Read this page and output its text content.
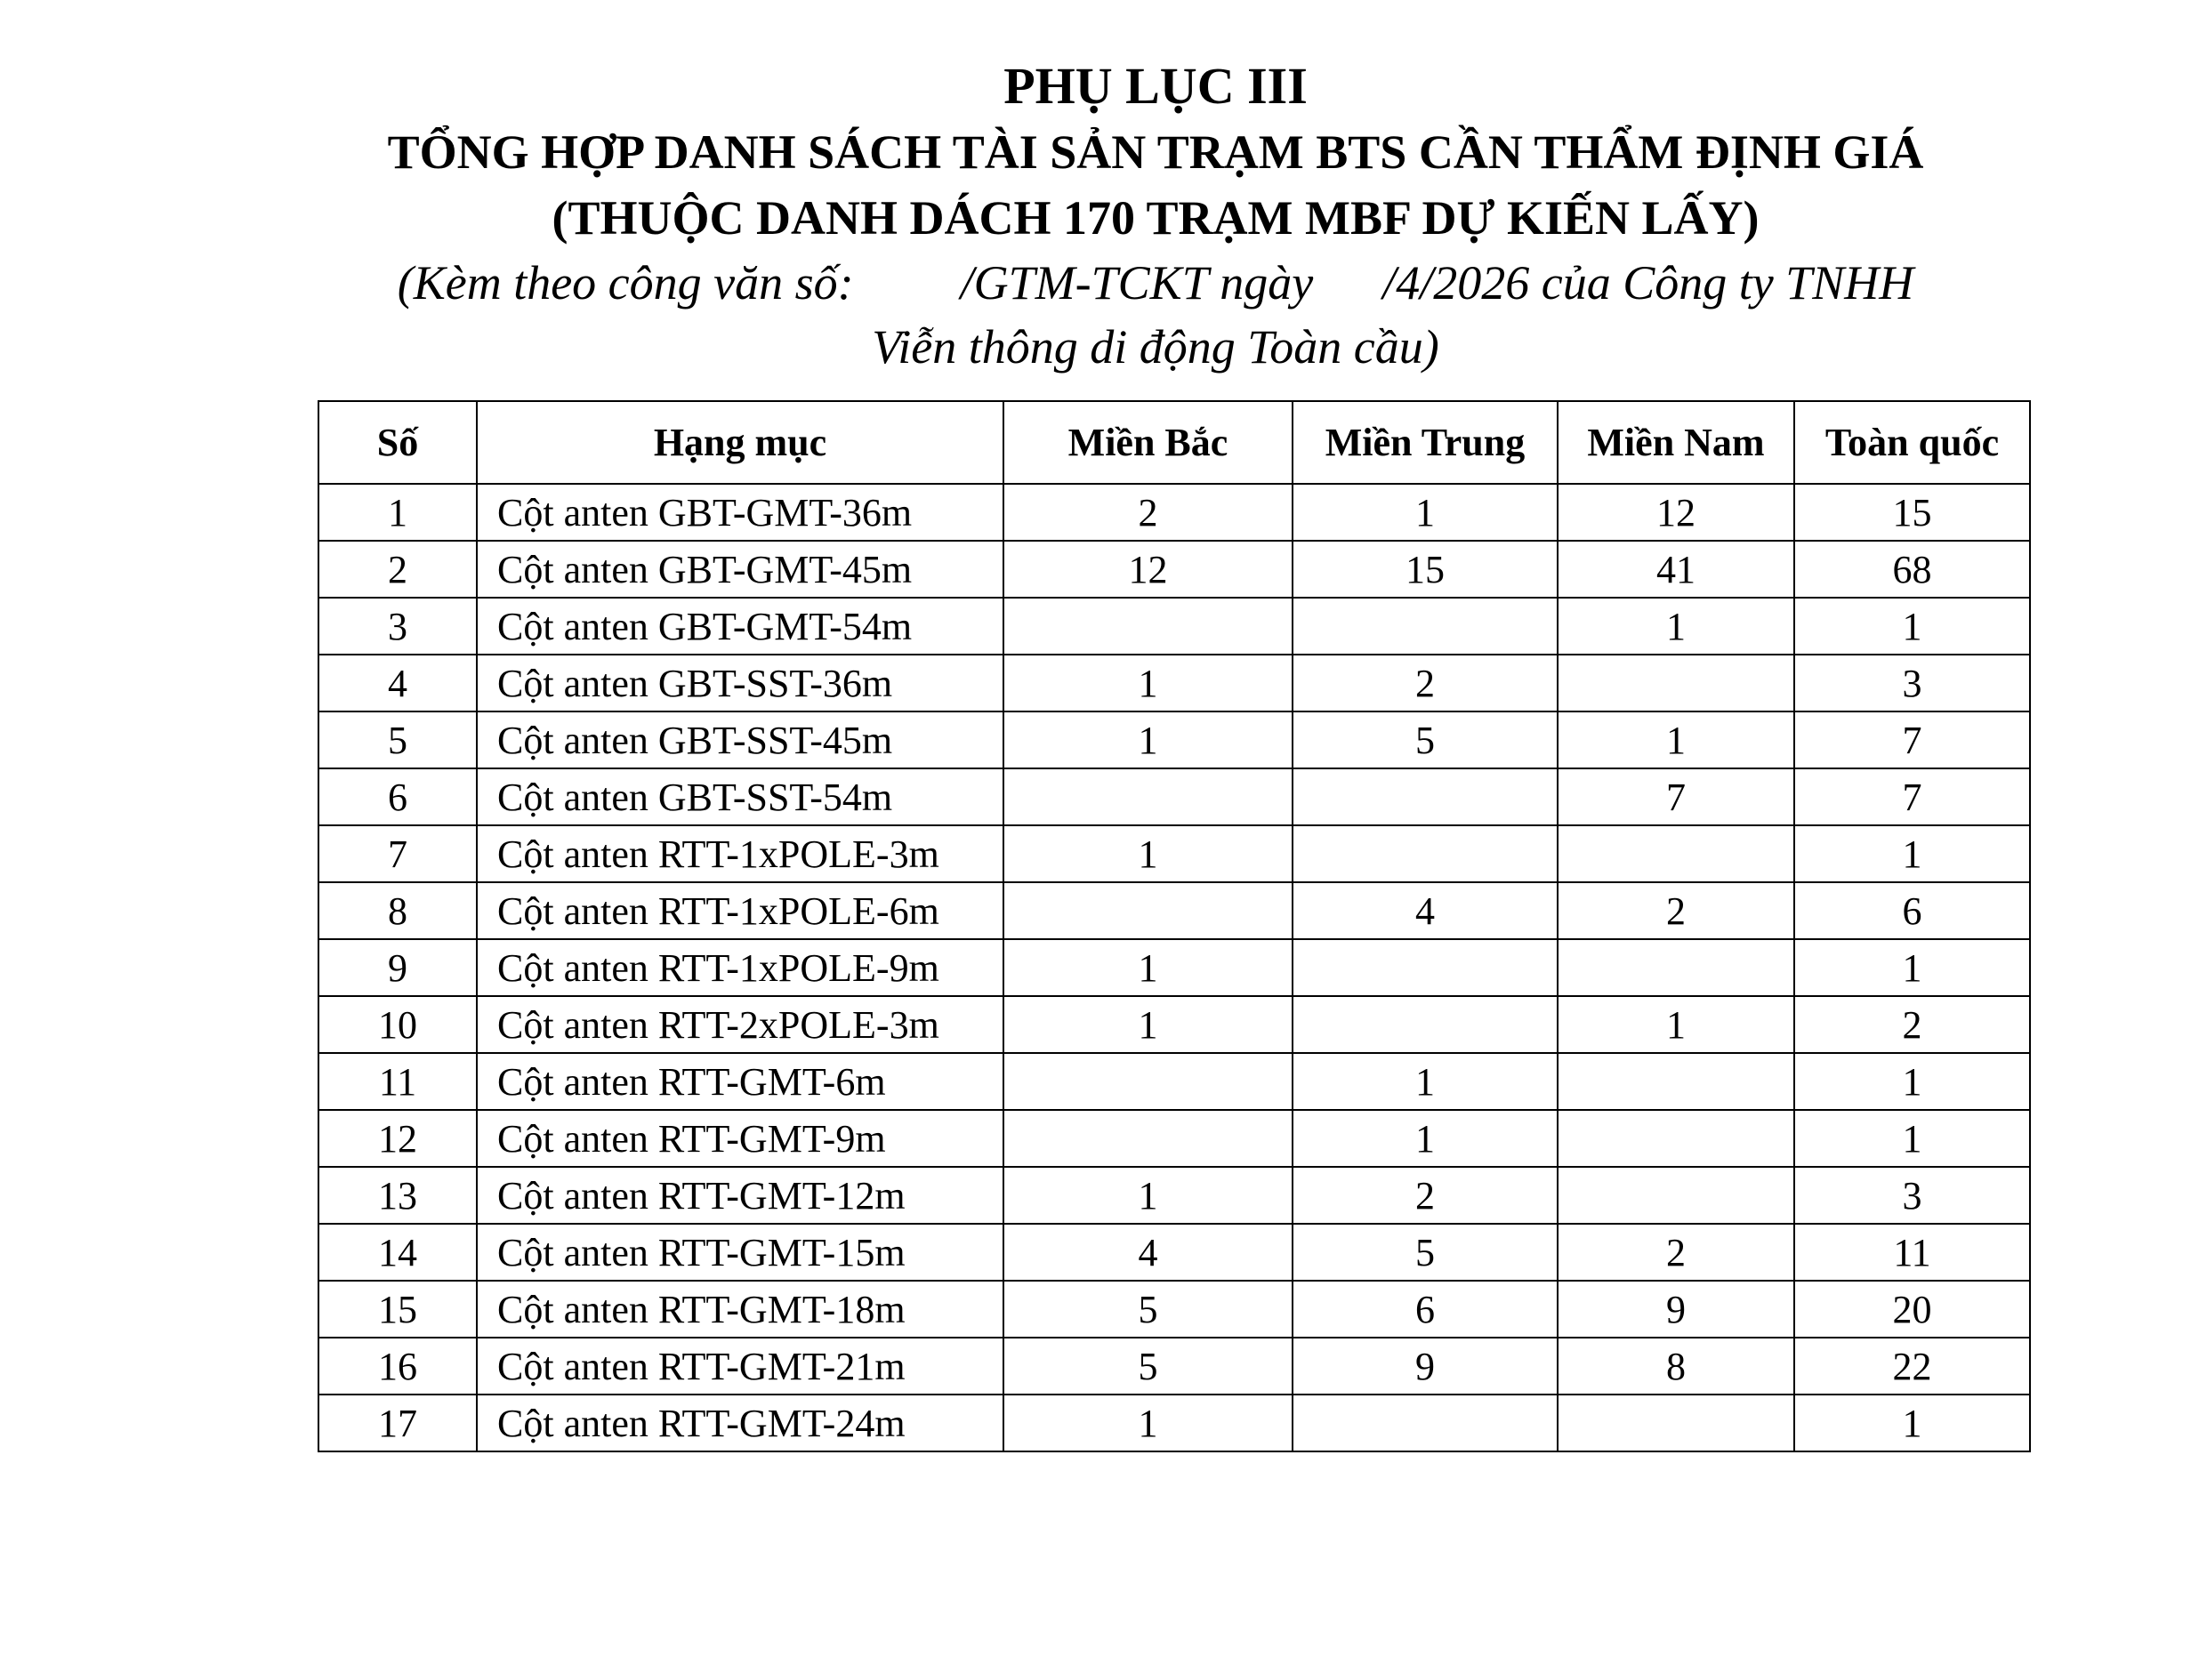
PHỤ LỤC III
TỔNG HỢP DANH SÁCH TÀI SẢN TRẠM BTS CẦN THẨM ĐỊNH GIÁ
(THUỘC DANH DÁCH 170 TRẠM MBF DỰ KIẾN LẤY)
(Kèm theo công văn số: /GTM-TCKT ngày /4/2026 của Công ty TNHH
Viễn thông di động Toàn cầu)
Số	Hạng mục	Miền Bắc	Miền Trung	Miền Nam	Toàn quốc
1	Cột anten GBT-GMT-36m	2	1	12	15
2	Cột anten GBT-GMT-45m	12	15	41	68
3	Cột anten GBT-GMT-54m			1	1
4	Cột anten GBT-SST-36m	1	2		3
5	Cột anten GBT-SST-45m	1	5	1	7
6	Cột anten GBT-SST-54m			7	7
7	Cột anten RTT-1xPOLE-3m	1			1
8	Cột anten RTT-1xPOLE-6m		4	2	6
9	Cột anten RTT-1xPOLE-9m	1			1
10	Cột anten RTT-2xPOLE-3m	1		1	2
11	Cột anten RTT-GMT-6m		1		1
12	Cột anten RTT-GMT-9m		1		1
13	Cột anten RTT-GMT-12m	1	2		3
14	Cột anten RTT-GMT-15m	4	5	2	11
15	Cột anten RTT-GMT-18m	5	6	9	20
16	Cột anten RTT-GMT-21m	5	9	8	22
17	Cột anten RTT-GMT-24m	1			1
